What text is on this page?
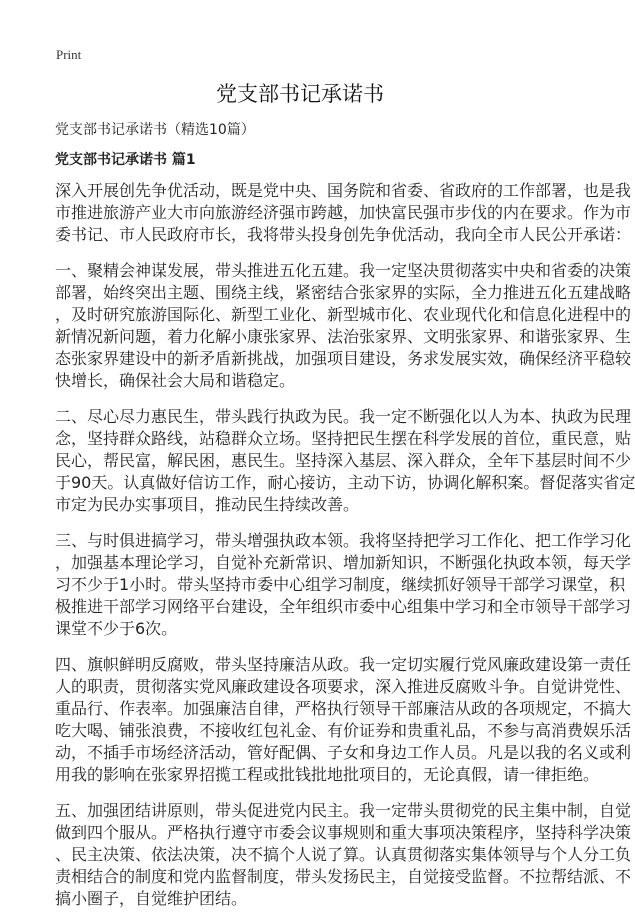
Print
党支部书记承诺书
党支部书记承诺书（精选10篇）
党支部书记承诺书 篇1
深入开展创先争优活动，既是党中央、国务院和省委、省政府的工作部署，也是我
市推进旅游产业大市向旅游经济强市跨越，加快富民强市步伐的内在要求。作为市
委书记、市人民政府市长，我将带头投身创先争优活动，我向全市人民公开承诺：
一、聚精会神谋发展，带头推进五化五建。我一定坚决贯彻落实中央和省委的决策
部署，始终突出主题、围绕主线，紧密结合张家界的实际，全力推进五化五建战略
，及时研究旅游国际化、新型工业化、新型城市化、农业现代化和信息化进程中的
新情况新问题，着力化解小康张家界、法治张家界、文明张家界、和谐张家界、生
态张家界建设中的新矛盾新挑战，加强项目建设，务求发展实效，确保经济平稳较
快增长，确保社会大局和谐稳定。
二、尽心尽力惠民生，带头践行执政为民。我一定不断强化以人为本、执政为民理
念，坚持群众路线，站稳群众立场。坚持把民生摆在科学发展的首位，重民意，贴
民心，帮民富，解民困，惠民生。坚持深入基层、深入群众，全年下基层时间不少
于90天。认真做好信访工作，耐心接访，主动下访，协调化解积案。督促落实省定
市定为民办实事项目，推动民生持续改善。
三、与时俱进搞学习，带头增强执政本领。我将坚持把学习工作化、把工作学习化
，加强基本理论学习，自觉补充新常识、增加新知识，不断强化执政本领，每天学
习不少于1小时。带头坚持市委中心组学习制度，继续抓好领导干部学习课堂，积
极推进干部学习网络平台建设，全年组织市委中心组集中学习和全市领导干部学习
课堂不少于6次。
四、旗帜鲜明反腐败，带头坚持廉洁从政。我一定切实履行党风廉政建设第一责任
人的职责，贯彻落实党风廉政建设各项要求，深入推进反腐败斗争。自觉讲党性、
重品行、作表率。加强廉洁自律，严格执行领导干部廉洁从政的各项规定，不搞大
吃大喝、铺张浪费，不接收红包礼金、有价证券和贵重礼品，不参与高消费娱乐活
动，不插手市场经济活动，管好配偶、子女和身边工作人员。凡是以我的名义或利
用我的影响在张家界招揽工程或批钱批地批项目的，无论真假，请一律拒绝。
五、加强团结讲原则，带头促进党内民主。我一定带头贯彻党的民主集中制，自觉
做到四个服从。严格执行遵守市委会议事规则和重大事项决策程序，坚持科学决策
、民主决策、依法决策，决不搞个人说了算。认真贯彻落实集体领导与个人分工负
责相结合的制度和党内监督制度，带头发扬民主，自觉接受监督。不拉帮结派、不
搞小圈子，自觉维护团结。
